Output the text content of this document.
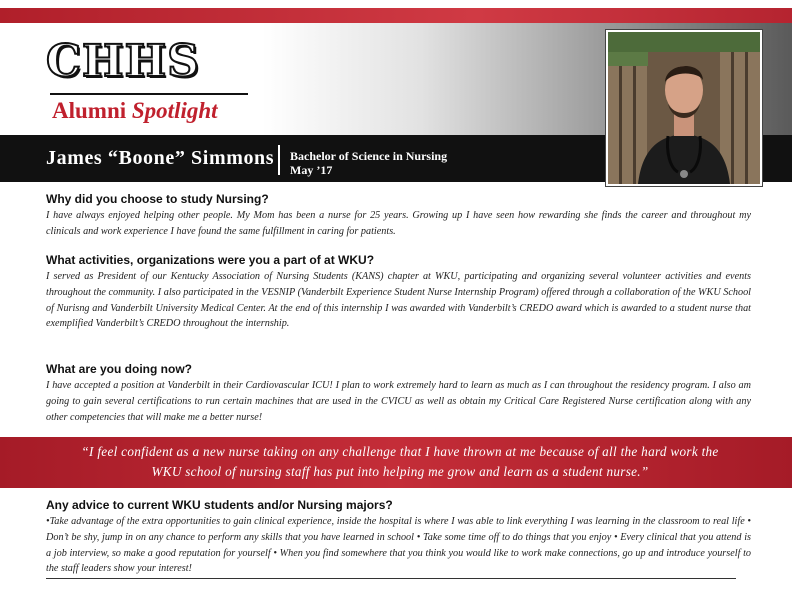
CHHS
Alumni Spotlight
James “Boone” Simmons Bachelor of Science in Nursing
May ’17

Why did you choose to study Nursing?

I have always enjoyed helping other people. My Mom has been a nurse for 25 years. Growing up I have seen how rewarding she finds the career and throughout my clinicals and work experience I have found the same fulfillment in caring for patients.

What activities, organizations were you a part of at WKU?

I served as President of our Kentucky Association of Nursing Students (KANS) chapter at WKU, participating and organizing several volunteer activities and events throughout the community. I also participated in the VESNIP (Vanderbilt Experience Student Nurse Internship Program) offered through a collaboration of the WKU School of Nurisng and Vanderbilt University Medical Center. At the end of this internship I was awarded with Vanderbilt’s CREDO award which is awarded to a student nurse that exemplified Vanderbilt’s CREDO throughout the internship.

What are you doing now?

I have accepted a position at Vanderbilt in their Cardiovascular ICU! I plan to work extremely hard to learn as much as I can throughout the residency program. I also am going to gain several certifications to run certain machines that are used in the CVICU as well as obtain my Critical Care Registered Nurse certification along with any other competencies that will make me a better nurse!

“I feel confident as a new nurse taking on any challenge that I have thrown at me because of all the hard work the WKU school of nursing staff has put into helping me grow and learn as a student nurse.”

Any advice to current WKU students and/or Nursing majors?

•Take advantage of the extra opportunities to gain clinical experience, inside the hospital is where I was able to link everything I was learning in the classroom to real life • Don’t be shy, jump in on any chance to perform any skills that you have learned in school • Take some time off to do things that you enjoy • Every clinical that you attend is a job interview, so make a good reputation for yourself • When you find somewhere that you think you would like to work make connections, go up and introduce yourself to the staff leaders show your interest!
